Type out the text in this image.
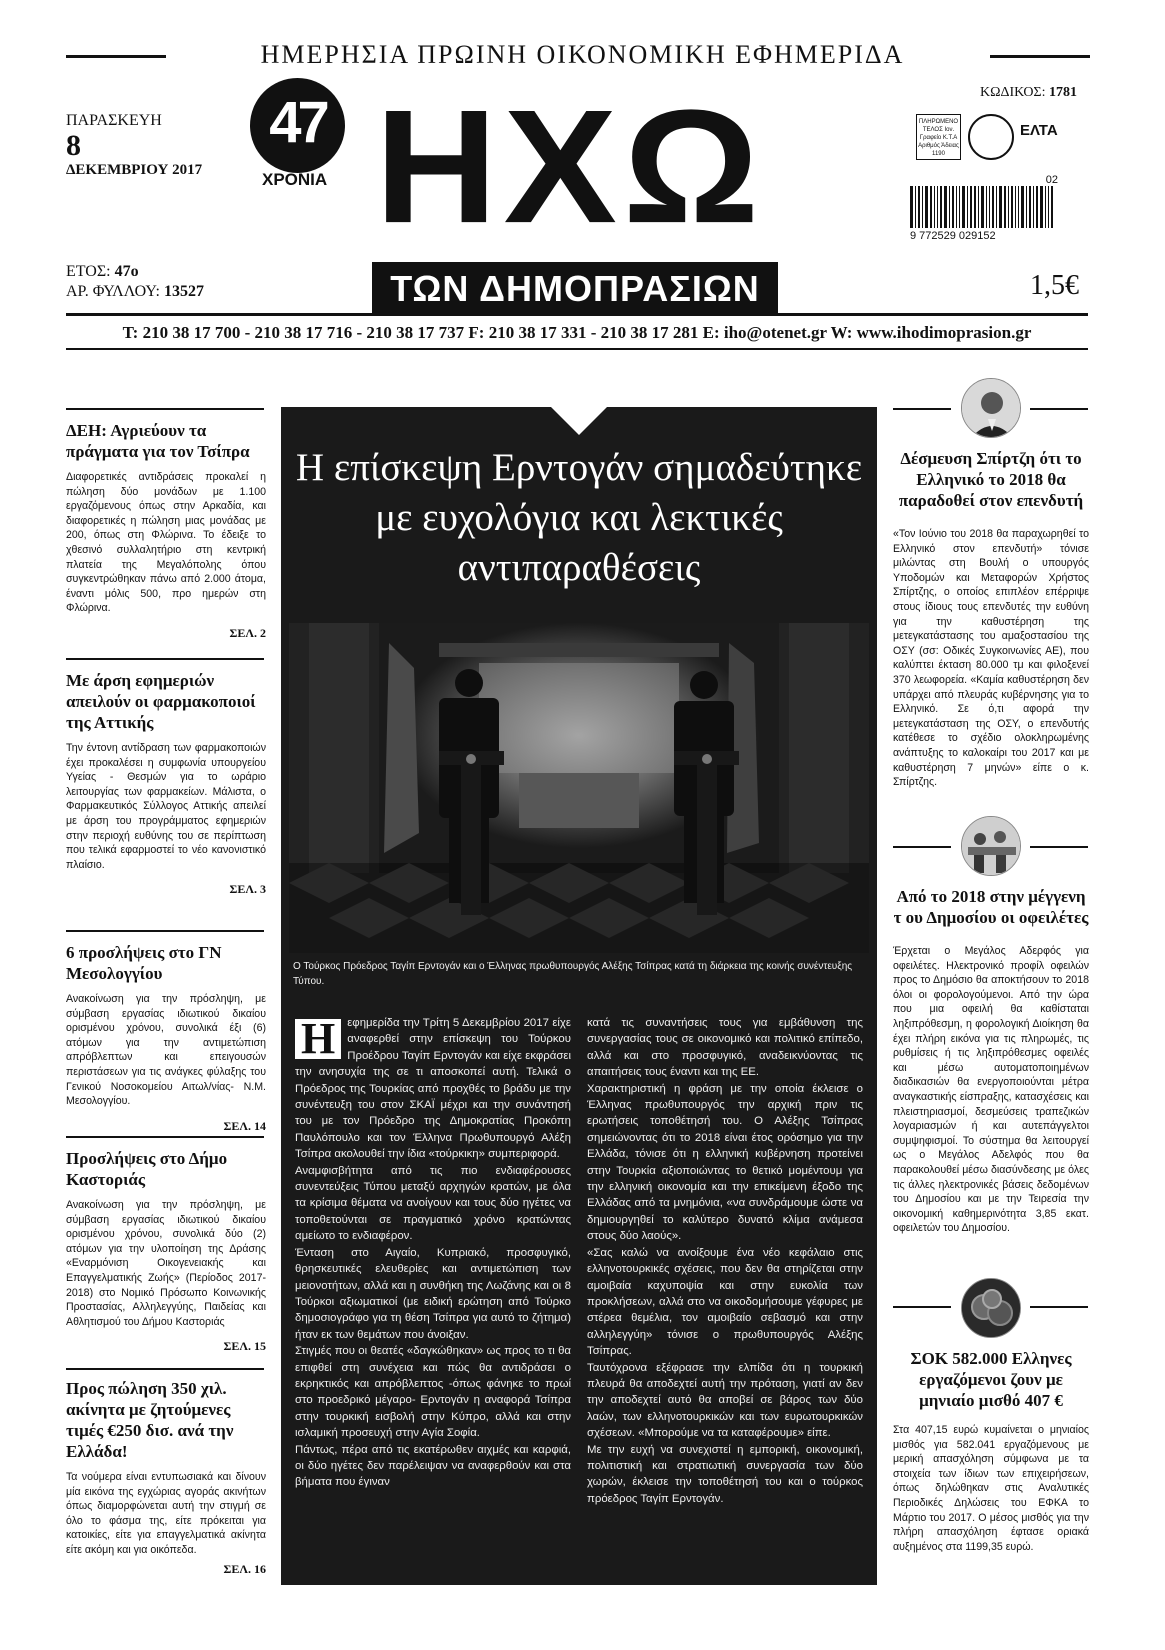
ΗΜΕΡΗΣΙΑ ΠΡΩΙΝΗ ΟΙΚΟΝΟΜΙΚΗ ΕΦΗΜΕΡΙΔΑ
ΠΑΡΑΣΚΕΥΗ
8
ΔΕΚΕΜΒΡΙΟΥ 2017
47
ΧΡΟΝΙΑ ΗΧΩ
ΤΩΝ ΔΗΜΟΠΡΑΣΙΩΝ
ΚΩΔΙΚΟΣ: 1781
ΠΛΗΡΩΜΕΝΟ ΤΕΛΟΣ Ιον. Γραφείο Κ.Τ.Α Αριθμός Άδειας 1190
ΕΛΤΑ
02
9 772529 029152
ΕΤΟΣ: 47ο
ΑΡ. ΦΥΛΛΟΥ: 13527	1,5€
T: 210 38 17 700 - 210 38 17 716 - 210 38 17 737 F: 210 38 17 331 - 210 38 17 281 E: iho@otenet.gr W: www.ihodimoprasion.gr
ΔΕΗ: Αγριεύουν τα πράγματα για τον Τσίπρα

Διαφορετικές αντιδράσεις προκαλεί η πώληση δύο μονάδων με 1.100 εργαζόμενους όπως στην Αρκαδία, και διαφορετικές η πώληση μιας μονάδας με 200, όπως στη Φλώρινα. Το έδειξε το χθεσινό συλλαλητήριο στη κεντρική πλατεία της Μεγαλόπολης όπου συγκεντρώθηκαν πάνω από 2.000 άτομα, έναντι μόλις 500, προ ημερών στη Φλώρινα.

ΣΕΛ. 2
Με άρση εφημεριών απειλούν οι φαρμακοποιοί της Αττικής

Την έντονη αντίδραση των φαρμακοποιών έχει προκαλέσει η συμφωνία υπουργείου Υγείας - Θεσμών για το ωράριο λειτουργίας των φαρμακείων. Μάλιστα, ο Φαρμακευτικός Σύλλογος Αττικής απειλεί με άρση του προγράμματος εφημεριών στην περιοχή ευθύνης του σε περίπτωση που τελικά εφαρμοστεί το νέο κανονιστικό πλαίσιο.

ΣΕΛ. 3
6 προσλήψεις στο ΓΝ Μεσολογγίου

Ανακοίνωση για την πρόσληψη, με σύμβαση εργασίας ιδιωτικού δικαίου ορισμένου χρόνου, συνολικά έξι (6) ατόμων για την αντιμετώπιση απρόβλεπτων και επειγουσών περιστάσεων για τις ανάγκες φύλαξης του Γενικού Νοσοκομείου Αιτωλ/νίας- Ν.Μ. Μεσολογγίου.

ΣΕΛ. 14
Προσλήψεις στο Δήμο Καστοριάς

Ανακοίνωση για την πρόσληψη, με σύμβαση εργασίας ιδιωτικού δικαίου ορισμένου χρόνου, συνολικά δύο (2) ατόμων για την υλοποίηση της Δράσης «Εναρμόνιση Οικογενειακής και Επαγγελματικής Ζωής» (Περίοδος 2017-2018) στο Νομικό Πρόσωπο Κοινωνικής Προστασίας, Αλληλεγγύης, Παιδείας και Αθλητισμού του Δήμου Καστοριάς

ΣΕΛ. 15
Προς πώληση 350 χιλ. ακίνητα με ζητούμενες τιμές €250 δισ. ανά την Ελλάδα!

Τα νούμερα είναι εντυπωσιακά και δίνουν μία εικόνα της εγχώριας αγοράς ακινήτων όπως διαμορφώνεται αυτή την στιγμή σε όλο το φάσμα της, είτε πρόκειται για κατοικίες, είτε για επαγγελματικά ακίνητα είτε ακόμη και για οικόπεδα.

ΣΕΛ. 16
Η επίσκεψη Ερντογάν σημαδεύτηκε με ευχολόγια και λεκτικές αντιπαραθέσεις
Ο Τούρκος Πρόεδρος Ταγίπ Ερντογάν και ο Έλληνας πρωθυπουργός Αλέξης Τσίπρας κατά τη διάρκεια της κοινής συνέντευξης Τύπου.
Η	εφημερίδα την Τρίτη 5 Δεκεμβρίου 2017 είχε αναφερθεί στην επίσκεψη του Τούρκου Προέδρου Ταγίπ Ερντογάν και είχε εκφράσει την ανησυχία της σε τι αποσκοπεί αυτή. Τελικά ο Πρόεδρος της Τουρκίας από προχθές το βράδυ με την συνέντευξη του στον ΣΚΑΪ μέχρι και την συνάντησή του με τον Πρόεδρο της Δημοκρατίας Προκόπη Παυλόπουλο και τον Έλληνα Πρωθυπουργό Αλέξη Τσίπρα ακολουθεί την ίδια «τούρκικη» συμπεριφορά.

Αναμφισβήτητα από τις πιο ενδιαφέρουσες συνεντεύξεις Τύπου μεταξύ αρχηγών κρατών, με όλα τα κρίσιμα θέματα να ανοίγουν και τους δύο ηγέτες να τοποθετούνται σε πραγματικό χρόνο κρατώντας αμείωτο το ενδιαφέρον.

Ένταση στο Αιγαίο, Κυπριακό, προσφυγικό, θρησκευτικές ελευθερίες και αντιμετώπιση των μειονοτήτων, αλλά και η συνθήκη της Λωζάνης και οι 8 Τούρκοι αξιωματικοί (με ειδική ερώτηση από Τούρκο δημοσιογράφο για τη θέση Τσίπρα για αυτό το ζήτημα) ήταν εκ των θεμάτων που άνοιξαν.

Στιγμές που οι θεατές «δαγκώθηκαν» ως προς το τι θα επιφθεί στη συνέχεια και πώς θα αντιδράσει ο εκρηκτικός και απρόβλεπτος -όπως φάνηκε το πρωί στο προεδρικό μέγαρο- Ερντογάν η αναφορά Τσίπρα στην τουρκική εισβολή στην Κύπρο, αλλά και στην ισλαμική προσευχή στην Αγία Σοφία.

Πάντως, πέρα από τις εκατέρωθεν αιχμές και καρφιά, οι δύο ηγέτες δεν παρέλειψαν να αναφερθούν και στα βήματα που έγιναν

κατά τις συναντήσεις τους για εμβάθυνση της συνεργασίας τους σε οικονομικό και πολιτικό επίπεδο, αλλά και στο προσφυγικό, αναδεικνύοντας τις απαιτήσεις τους έναντι και της ΕΕ.

Χαρακτηριστική η φράση με την οποία έκλεισε ο Έλληνας πρωθυπουργός την αρχική πριν τις ερωτήσεις τοποθέτησή του. Ο Αλέξης Τσίπρας σημειώνοντας ότι το 2018 είναι έτος ορόσημο για την Ελλάδα, τόνισε ότι η ελληνική κυβέρνηση προτείνει στην Τουρκία αξιοποιώντας το θετικό μομέντουμ για την ελληνική οικονομία και την επικείμενη έξοδο της Ελλάδας από τα μνημόνια, «να συνδράμουμε ώστε να δημιουργηθεί το καλύτερο δυνατό κλίμα ανάμεσα στους δύο λαούς».

«Σας καλώ να ανοίξουμε ένα νέο κεφάλαιο στις ελληνοτουρκικές σχέσεις, που δεν θα στηρίζεται στην αμοιβαία καχυποψία και στην ευκολία των προκλήσεων, αλλά στο να οικοδομήσουμε γέφυρες με στέρεα θεμέλια, τον αμοιβαίο σεβασμό και στην αλληλεγγύη» τόνισε ο πρωθυπουργός Αλέξης Τσίπρας.

Ταυτόχρονα εξέφρασε την ελπίδα ότι η τουρκική πλευρά θα αποδεχτεί αυτή την πρόταση, γιατί αν δεν την αποδεχτεί αυτό θα αποβεί σε βάρος των δύο λαών, των ελληνοτουρκικών και των ευρωτουρκικών σχέσεων. «Μπορούμε να τα καταφέρουμε» είπε.

Με την ευχή να συνεχιστεί η εμπορική, οικονομική, πολιτιστική και στρατιωτική συνεργασία των δύο χωρών, έκλεισε την τοποθέτησή του και ο τούρκος πρόεδρος Ταγίπ Ερντογάν.

Δέσμευση Σπίρτζη ότι το Ελληνικό το 2018 θα παραδοθεί στον επενδυτή

«Τον Ιούνιο του 2018 θα παραχωρηθεί το Ελληνικό στον επενδυτή» τόνισε μιλώντας στη Βουλή ο υπουργός Υποδομών και Μεταφορών Χρήστος Σπίρτζης, ο οποίος επιπλέον επέρριψε στους ίδιους τους επενδυτές την ευθύνη για την καθυστέρηση της μετεγκατάστασης του αμαξοστασίου της ΟΣΥ (σσ: Οδικές Συγκοινωνίες ΑΕ), που καλύπτει έκταση 80.000 τμ και φιλοξενεί 370 λεωφορεία. «Καμία καθυστέρηση δεν υπάρχει από πλευράς κυβέρνησης για το Ελληνικό. Σε ό,τι αφορά την μετεγκατάσταση της ΟΣΥ, ο επενδυτής κατέθεσε το σχέδιο ολοκληρωμένης ανάπτυξης το καλοκαίρι του 2017 και με καθυστέρηση 7 μηνών» είπε ο κ. Σπίρτζης.

Από το 2018 στην μέγγενη τ ου Δημοσίου οι οφειλέτες

Έρχεται ο Μεγάλος Αδερφός για οφειλέτες. Ηλεκτρονικό προφίλ οφειλών προς το Δημόσιο θα αποκτήσουν το 2018 όλοι οι φορολογούμενοι. Από την ώρα που μια οφειλή θα καθίσταται ληξιπρόθεσμη, η φορολογική Διοίκηση θα έχει πλήρη εικόνα για τις πληρωμές, τις ρυθμίσεις ή τις ληξιπρόθεσμες οφειλές και μέσω αυτοματοποιημένων διαδικασιών θα ενεργοποιούνται μέτρα αναγκαστικής είσπραξης, κατασχέσεις και πλειστηριασμοί, δεσμεύσεις τραπεζικών λογαριασμών ή και αυτεπάγγελτοι συμψηφισμοί. Το σύστημα θα λειτουργεί ως ο Μεγάλος Αδελφός που θα παρακολουθεί μέσω διασύνδεσης με όλες τις άλλες ηλεκτρονικές βάσεις δεδομένων του Δημοσίου και με την Τειρεσία την οικονομική καθημερινότητα 3,85 εκατ. οφειλετών του Δημοσίου.

ΣΟΚ 582.000 Ελληνες εργαζόμενοι ζουν με μηνιαίο μισθό 407 €

Στα 407,15 ευρώ κυμαίνεται ο μηνιαίος μισθός για 582.041 εργαζόμενους με μερική απασχόληση σύμφωνα με τα στοιχεία των ίδιων των επιχειρήσεων, όπως δηλώθηκαν στις Αναλυτικές Περιοδικές Δηλώσεις του ΕΦΚΑ το Μάρτιο του 2017. Ο μέσος μισθός για την πλήρη απασχόληση έφτασε οριακά αυξημένος στα 1199,35 ευρώ.
